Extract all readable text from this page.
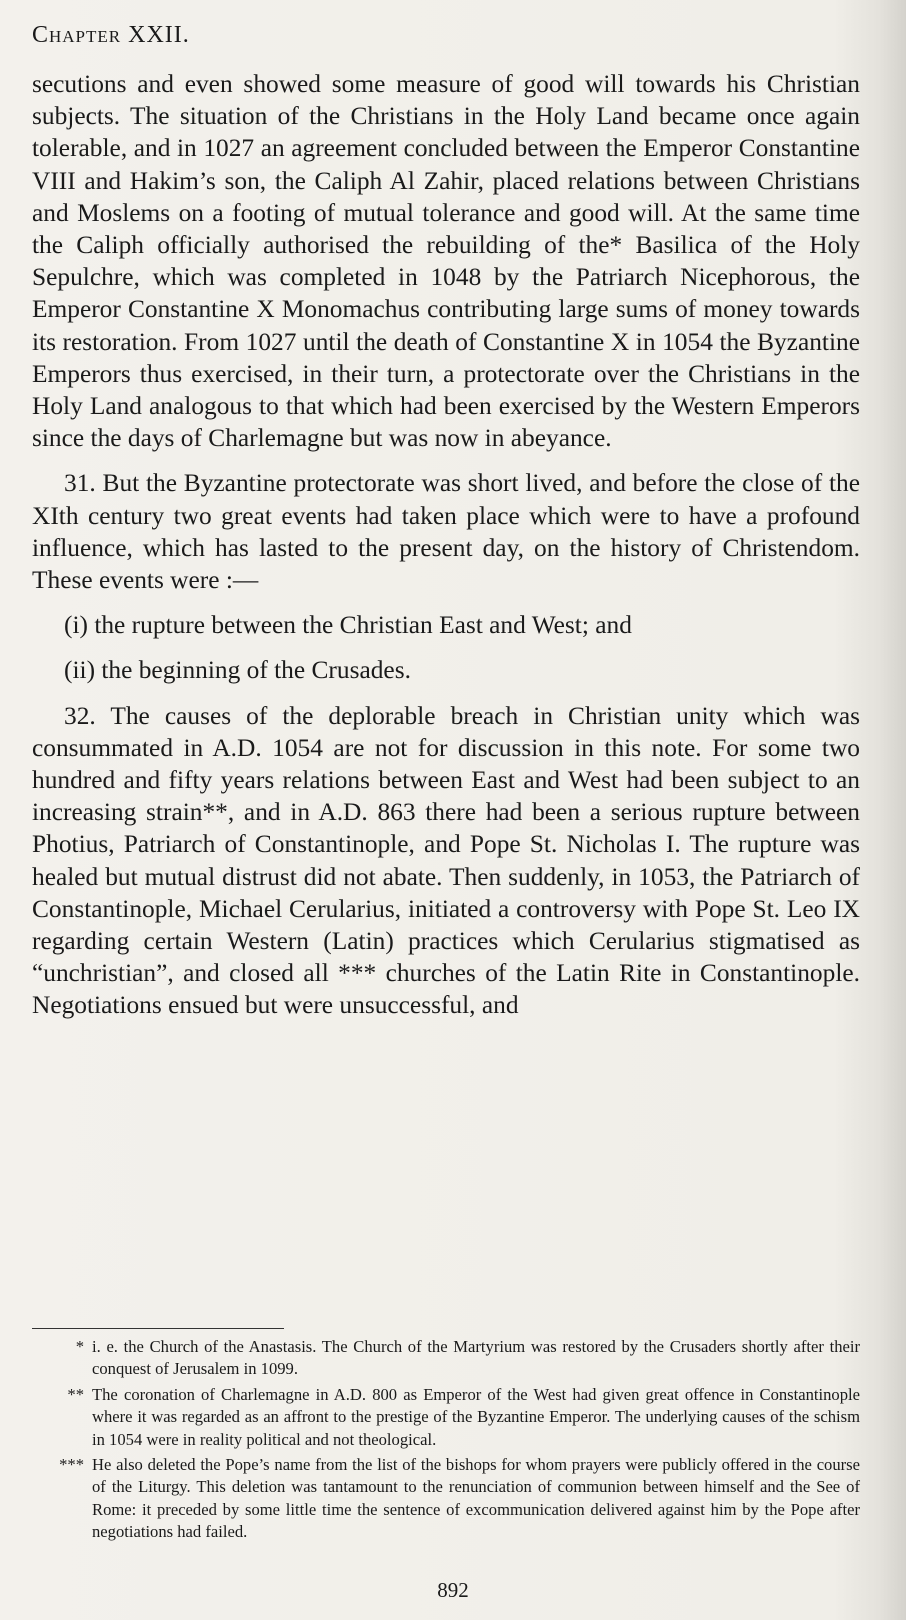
Chapter XXII.

secutions and even showed some measure of good will towards his Christian subjects. The situation of the Christians in the Holy Land became once again tolerable, and in 1027 an agreement concluded between the Emperor Constantine VIII and Hakim’s son, the Caliph Al Zahir, placed relations between Christians and Moslems on a footing of mutual tolerance and good will. At the same time the Caliph officially authorised the rebuilding of the* Basilica of the Holy Sepulchre, which was completed in 1048 by the Patriarch Nicephorous, the Emperor Constantine X Monomachus contributing large sums of money towards its restoration. From 1027 until the death of Constantine X in 1054 the Byzantine Emperors thus exercised, in their turn, a protectorate over the Christians in the Holy Land analogous to that which had been exercised by the Western Emperors since the days of Charlemagne but was now in abeyance.

31. But the Byzantine protectorate was short lived, and before the close of the XIth century two great events had taken place which were to have a profound influence, which has lasted to the present day, on the history of Christendom. These events were :—

(i) the rupture between the Christian East and West; and

(ii) the beginning of the Crusades.

32. The causes of the deplorable breach in Christian unity which was consummated in A.D. 1054 are not for discussion in this note. For some two hundred and fifty years relations between East and West had been subject to an increasing strain**, and in A.D. 863 there had been a serious rupture between Photius, Patriarch of Constantinople, and Pope St. Nicholas I. The rupture was healed but mutual distrust did not abate. Then suddenly, in 1053, the Patriarch of Constantinople, Michael Cerularius, initiated a controversy with Pope St. Leo IX regarding certain Western (Latin) practices which Cerularius stigmatised as “unchristian”, and closed all *** churches of the Latin Rite in Constantinople. Negotiations ensued but were unsuccessful, and

* i. e. the Church of the Anastasis. The Church of the Martyrium was restored by the Crusaders shortly after their conquest of Jerusalem in 1099.
** The coronation of Charlemagne in A.D. 800 as Emperor of the West had given great offence in Constantinople where it was regarded as an affront to the prestige of the Byzantine Emperor. The underlying causes of the schism in 1054 were in reality political and not theological.
*** He also deleted the Pope’s name from the list of the bishops for whom prayers were publicly offered in the course of the Liturgy. This deletion was tantamount to the renunciation of communion between himself and the See of Rome: it preceded by some little time the sentence of excommunication delivered against him by the Pope after negotiations had failed.
892
